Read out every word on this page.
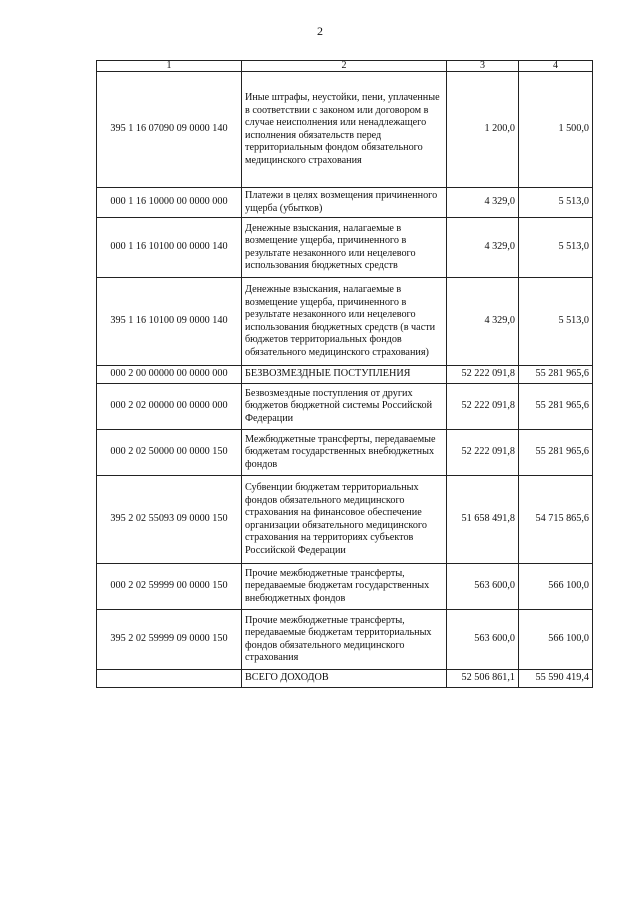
2
1	2	3	4
395 1 16 07090 09 0000 140	Иные штрафы, неустойки, пени, уплаченные в соответствии с законом или договором в случае неисполнения или ненадлежащего исполнения обязательств перед территориальным фондом обязательного медицинского страхования	1 200,0	1 500,0
000 1 16 10000 00 0000 000	Платежи в целях возмещения причиненного ущерба (убытков)	4 329,0	5 513,0
000 1 16 10100 00 0000 140	Денежные взыскания, налагаемые в возмещение ущерба, причиненного в результате незаконного или нецелевого использования бюджетных средств	4 329,0	5 513,0
395 1 16 10100 09 0000 140	Денежные взыскания, налагаемые в возмещение ущерба, причиненного в результате незаконного или нецелевого использования бюджетных средств (в части бюджетов территориальных фондов обязательного медицинского страхования)	4 329,0	5 513,0
000 2 00 00000 00 0000 000	БЕЗВОЗМЕЗДНЫЕ ПОСТУПЛЕНИЯ	52 222 091,8	55 281 965,6
000 2 02 00000 00 0000 000	Безвозмездные поступления от других бюджетов бюджетной системы Российской Федерации	52 222 091,8	55 281 965,6
000 2 02 50000 00 0000 150	Межбюджетные трансферты, передаваемые бюджетам государственных внебюджетных фондов	52 222 091,8	55 281 965,6
395 2 02 55093 09 0000 150	Субвенции бюджетам территориальных фондов обязательного медицинского страхования на финансовое обеспечение организации обязательного медицинского страхования на территориях субъектов Российской Федерации	51 658 491,8	54 715 865,6
000 2 02 59999 00 0000 150	Прочие межбюджетные трансферты, передаваемые бюджетам государственных внебюджетных фондов	563 600,0	566 100,0
395 2 02 59999 09 0000 150	Прочие межбюджетные трансферты, передаваемые бюджетам территориальных фондов обязательного медицинского страхования	563 600,0	566 100,0
	ВСЕГО ДОХОДОВ	52 506 861,1	55 590 419,4
